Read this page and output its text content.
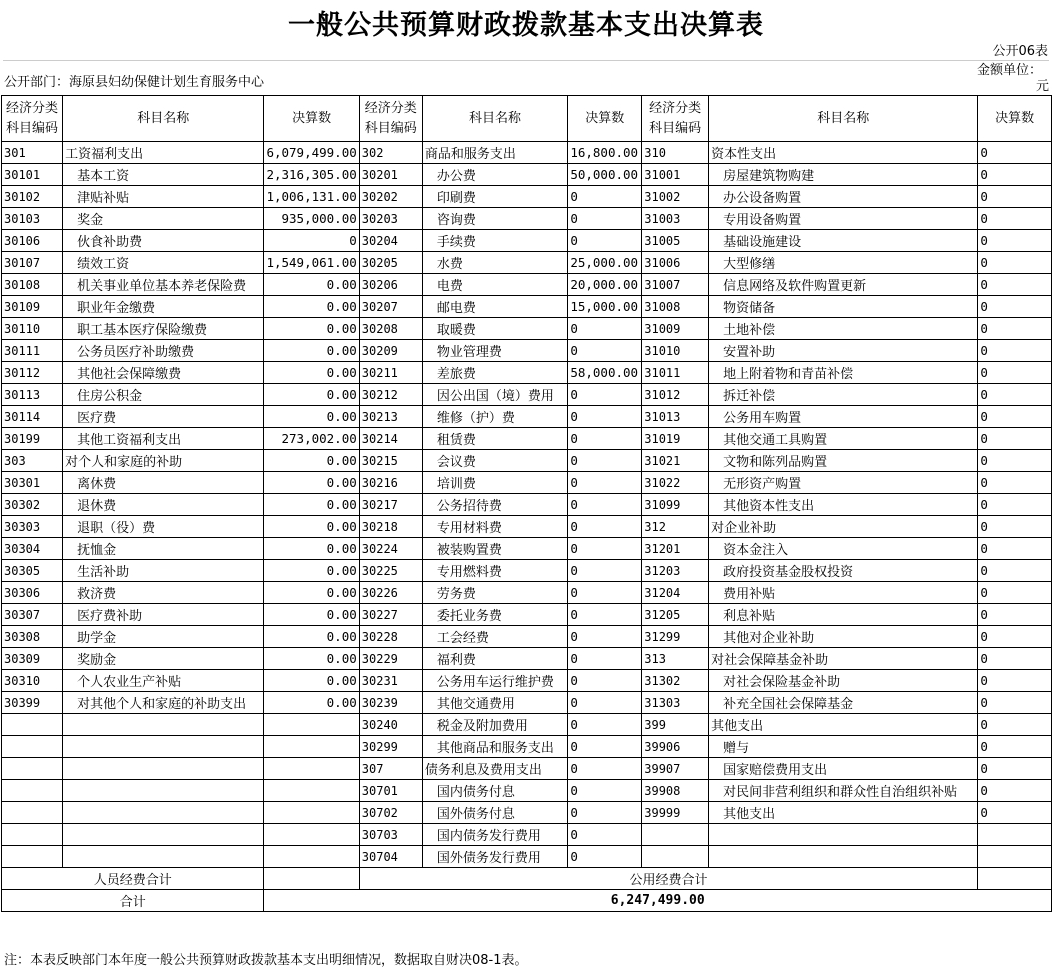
一般公共预算财政拨款基本支出决算表
公开06表
公开部门：海原县妇幼保健计划生育服务中心
金额单位：
元
经济分类科目编码	科目名称	决算数	经济分类科目编码	科目名称	决算数	经济分类科目编码	科目名称	决算数
301	工资福利支出	6,079,499.00	302	商品和服务支出	16,800.00	310	资本性支出	0
30101	基本工资	2,316,305.00	30201	办公费	50,000.00	31001	房屋建筑物购建	0
30102	津贴补贴	1,006,131.00	30202	印刷费	0	31002	办公设备购置	0
30103	奖金	935,000.00	30203	咨询费	0	31003	专用设备购置	0
30106	伙食补助费	0	30204	手续费	0	31005	基础设施建设	0
30107	绩效工资	1,549,061.00	30205	水费	25,000.00	31006	大型修缮	0
30108	机关事业单位基本养老保险费	0.00	30206	电费	20,000.00	31007	信息网络及软件购置更新	0
30109	职业年金缴费	0.00	30207	邮电费	15,000.00	31008	物资储备	0
30110	职工基本医疗保险缴费	0.00	30208	取暖费	0	31009	土地补偿	0
30111	公务员医疗补助缴费	0.00	30209	物业管理费	0	31010	安置补助	0
30112	其他社会保障缴费	0.00	30211	差旅费	58,000.00	31011	地上附着物和青苗补偿	0
30113	住房公积金	0.00	30212	因公出国（境）费用	0	31012	拆迁补偿	0
30114	医疗费	0.00	30213	维修（护）费	0	31013	公务用车购置	0
30199	其他工资福利支出	273,002.00	30214	租赁费	0	31019	其他交通工具购置	0
303	对个人和家庭的补助	0.00	30215	会议费	0	31021	文物和陈列品购置	0
30301	离休费	0.00	30216	培训费	0	31022	无形资产购置	0
30302	退休费	0.00	30217	公务招待费	0	31099	其他资本性支出	0
30303	退职（役）费	0.00	30218	专用材料费	0	312	对企业补助	0
30304	抚恤金	0.00	30224	被装购置费	0	31201	资本金注入	0
30305	生活补助	0.00	30225	专用燃料费	0	31203	政府投资基金股权投资	0
30306	救济费	0.00	30226	劳务费	0	31204	费用补贴	0
30307	医疗费补助	0.00	30227	委托业务费	0	31205	利息补贴	0
30308	助学金	0.00	30228	工会经费	0	31299	其他对企业补助	0
30309	奖励金	0.00	30229	福利费	0	313	对社会保障基金补助	0
30310	个人农业生产补贴	0.00	30231	公务用车运行维护费	0	31302	对社会保险基金补助	0
30399	对其他个人和家庭的补助支出	0.00	30239	其他交通费用	0	31303	补充全国社会保障基金	0
			30240	税金及附加费用	0	399	其他支出	0
			30299	其他商品和服务支出	0	39906	赠与	0
			307	债务利息及费用支出	0	39907	国家赔偿费用支出	0
			30701	国内债务付息	0	39908	对民间非营利组织和群众性自治组织补贴	0
			30702	国外债务付息	0	39999	其他支出	0
			30703	国内债务发行费用	0			
			30704	国外债务发行费用	0			
人员经费合计			公用经费合计					
合计		6,247,499.00						
注：本表反映部门本年度一般公共预算财政拨款基本支出明细情况，数据取自财决08-1表。
